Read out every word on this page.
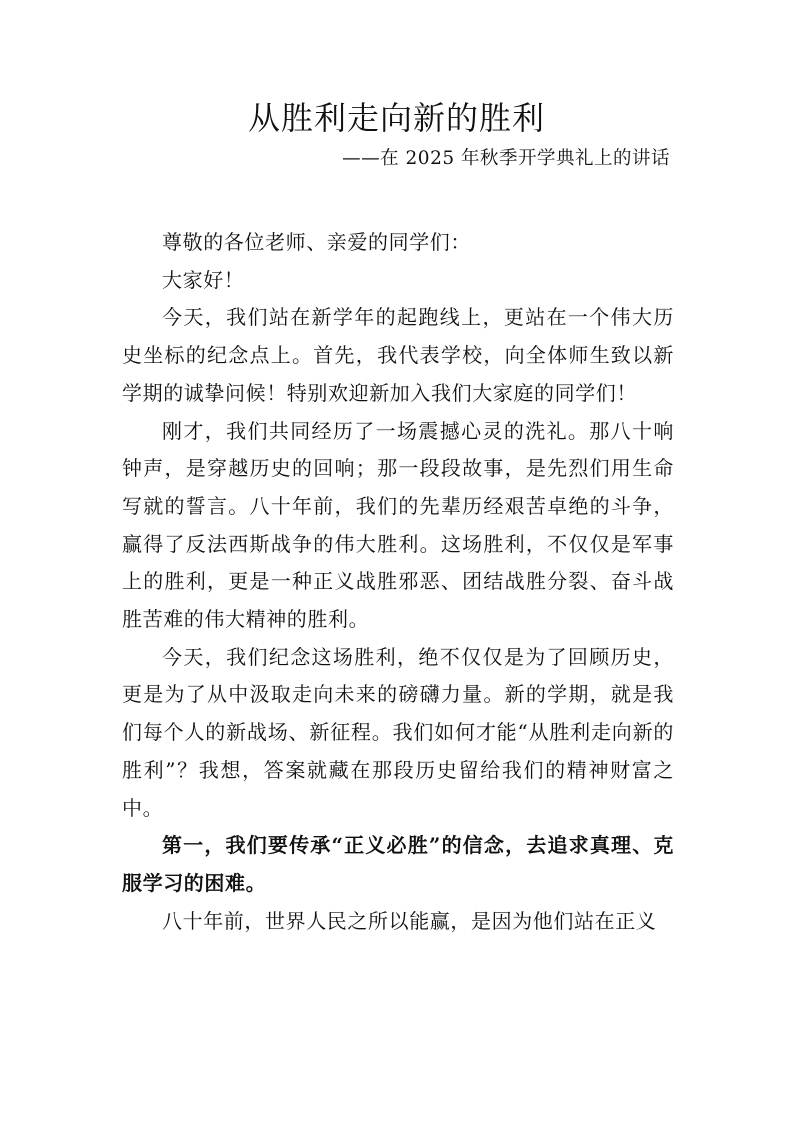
从胜利走向新的胜利
——在 2025 年秋季开学典礼上的讲话

尊敬的各位老师、亲爱的同学们：

大家好！

今天，我们站在新学年的起跑线上，更站在一个伟大历史坐标的纪念点上。首先，我代表学校，向全体师生致以新学期的诚挚问候！特别欢迎新加入我们大家庭的同学们！

刚才，我们共同经历了一场震撼心灵的洗礼。那八十响钟声，是穿越历史的回响；那一段段故事，是先烈们用生命写就的誓言。八十年前，我们的先辈历经艰苦卓绝的斗争，赢得了反法西斯战争的伟大胜利。这场胜利，不仅仅是军事上的胜利，更是一种正义战胜邪恶、团结战胜分裂、奋斗战胜苦难的伟大精神的胜利。

今天，我们纪念这场胜利，绝不仅仅是为了回顾历史，更是为了从中汲取走向未来的磅礴力量。新的学期，就是我们每个人的新战场、新征程。我们如何才能“从胜利走向新的胜利”？我想，答案就藏在那段历史留给我们的精神财富之中。

第一，我们要传承“正义必胜”的信念，去追求真理、克服学习的困难。

八十年前，世界人民之所以能赢，是因为他们站在正义
